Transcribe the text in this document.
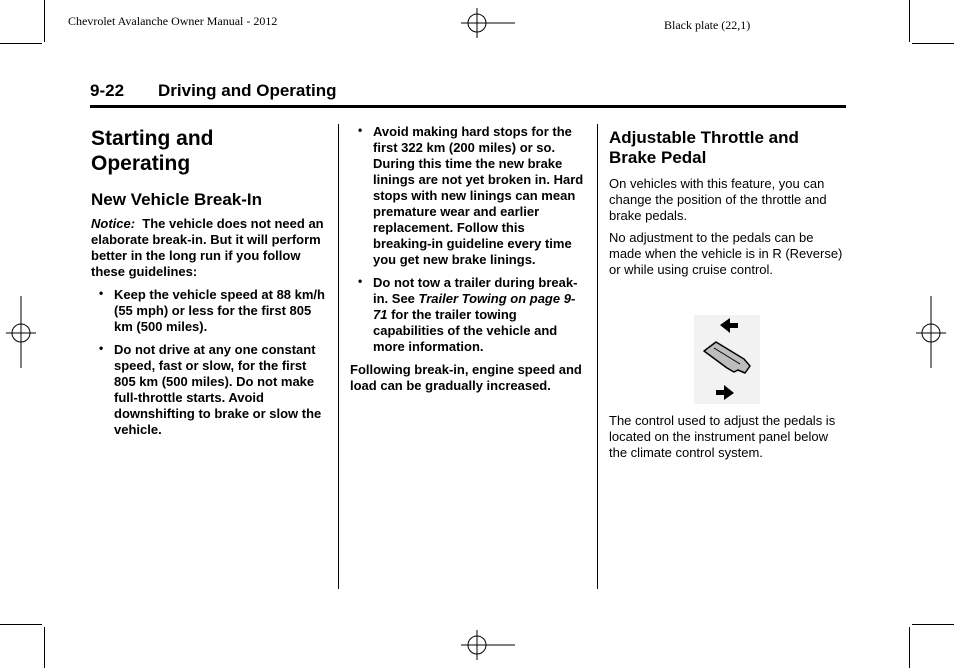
Chevrolet Avalanche Owner Manual - 2012	Black plate (22,1)
9-22 Driving and Operating
Starting and Operating
New Vehicle Break-In

Notice: The vehicle does not need an elaborate break-in. But it will perform better in the long run if you follow these guidelines:

• Keep the vehicle speed at 88 km/h (55 mph) or less for the first 805 km (500 miles).
• Do not drive at any one constant speed, fast or slow, for the first 805 km (500 miles). Do not make full-throttle starts. Avoid downshifting to brake or slow the vehicle.
• Avoid making hard stops for the first 322 km (200 miles) or so. During this time the new brake linings are not yet broken in. Hard stops with new linings can mean premature wear and earlier replacement. Follow this breaking-in guideline every time you get new brake linings.
• Do not tow a trailer during break-in. See Trailer Towing on page 9-71 for the trailer towing capabilities of the vehicle and more information.

Following break-in, engine speed and load can be gradually increased.

Adjustable Throttle and Brake Pedal

On vehicles with this feature, you can change the position of the throttle and brake pedals.

No adjustment to the pedals can be made when the vehicle is in R (Reverse) or while using cruise control.

The control used to adjust the pedals is located on the instrument panel below the climate control system.
